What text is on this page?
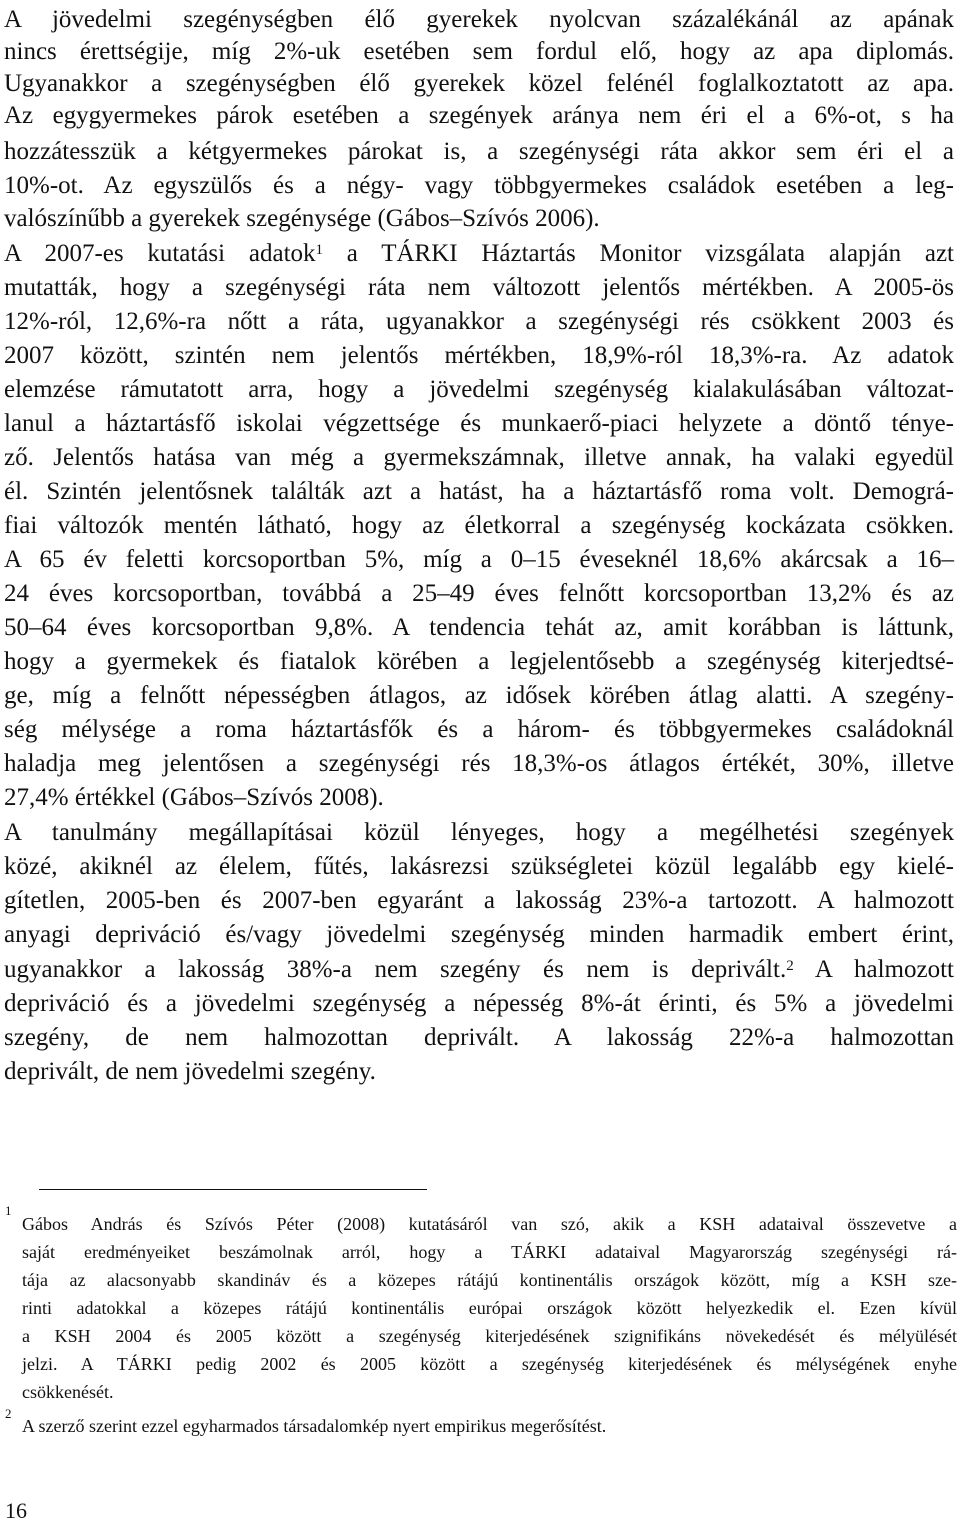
A jövedelmi szegénységben élő gyerekek nyolcvan százalékánál az apának
nincs érettségije, míg 2%-uk esetében sem fordul elő, hogy az apa diplomás.
Ugyanakkor a szegénységben élő gyerekek közel felénél foglalkoztatott az apa.
Az egygyermekes párok esetében a szegények aránya nem éri el a 6%-ot, s ha
hozzátesszük a kétgyermekes párokat is, a szegénységi ráta akkor sem éri el a
10%-ot. Az egyszülős és a négy- vagy többgyermekes családok esetében a leg-
valószínűbb a gyerekek szegénysége (Gábos–Szívós 2006).
A 2007-es kutatási adatok$^1$ a TÁRKI Háztartás Monitor vizsgálata alapján azt
mutatták, hogy a szegénységi ráta nem változott jelentős mértékben. A 2005-ös
12%-ról, 12,6%-ra nőtt a ráta, ugyanakkor a szegénységi rés csökkent 2003 és
2007 között, szintén nem jelentős mértékben, 18,9%-ról 18,3%-ra. Az adatok
elemzése rámutatott arra, hogy a jövedelmi szegénység kialakulásában változat-
lanul a háztartásfő iskolai végzettsége és munkaerő-piaci helyzete a döntő ténye-
ző. Jelentős hatása van még a gyermekszámnak, illetve annak, ha valaki egyedül
él. Szintén jelentősnek találták azt a hatást, ha a háztartásfő roma volt. Demográ-
fiai változók mentén látható, hogy az életkorral a szegénység kockázata csökken.
A 65 év feletti korcsoportban 5%, míg a 0–15 éveseknél 18,6% akárcsak a 16–
24 éves korcsoportban, továbbá a 25–49 éves felnőtt korcsoportban 13,2% és az
50–64 éves korcsoportban 9,8%. A tendencia tehát az, amit korábban is láttunk,
hogy a gyermekek és fiatalok körében a legjelentősebb a szegénység kiterjedtsé-
ge, míg a felnőtt népességben átlagos, az idősek körében átlag alatti. A szegény-
ség mélysége a roma háztartásfők és a három- és többgyermekes családoknál
haladja meg jelentősen a szegénységi rés 18,3%-os átlagos értékét, 30%, illetve
27,4% értékkel (Gábos–Szívós 2008).
A tanulmány megállapításai közül lényeges, hogy a megélhetési szegények
közé, akiknél az élelem, fűtés, lakásrezsi szükségletei közül legalább egy kielé-
gítetlen, 2005-ben és 2007-ben egyaránt a lakosság 23%-a tartozott. A halmozott
anyagi depriváció és/vagy jövedelmi szegénység minden harmadik embert érint,
ugyanakkor a lakosság 38%-a nem szegény és nem is deprivált.$^2$ A halmozott
depriváció és a jövedelmi szegénység a népesség 8%-át érinti, és 5% a jövedelmi
szegény, de nem halmozottan deprivált. A lakosság 22%-a halmozottan
deprivált, de nem jövedelmi szegény.
1
Gábos András és Szívós Péter (2008) kutatásáról van szó, akik a KSH adataival összevetve a
saját eredményeiket beszámolnak arról, hogy a TÁRKI adataival Magyarország szegénységi rá-
tája az alacsonyabb skandináv és a közepes rátájú kontinentális országok között, míg a KSH sze-
rinti adatokkal a közepes rátájú kontinentális európai országok között helyezkedik el. Ezen kívül
a KSH 2004 és 2005 között a szegénység kiterjedésének szignifikáns növekedését és mélyülését
jelzi. A TÁRKI pedig 2002 és 2005 között a szegénység kiterjedésének és mélységének enyhe
csökkenését.
2
A szerző szerint ezzel egyharmados társadalomkép nyert empirikus megerősítést.
16
